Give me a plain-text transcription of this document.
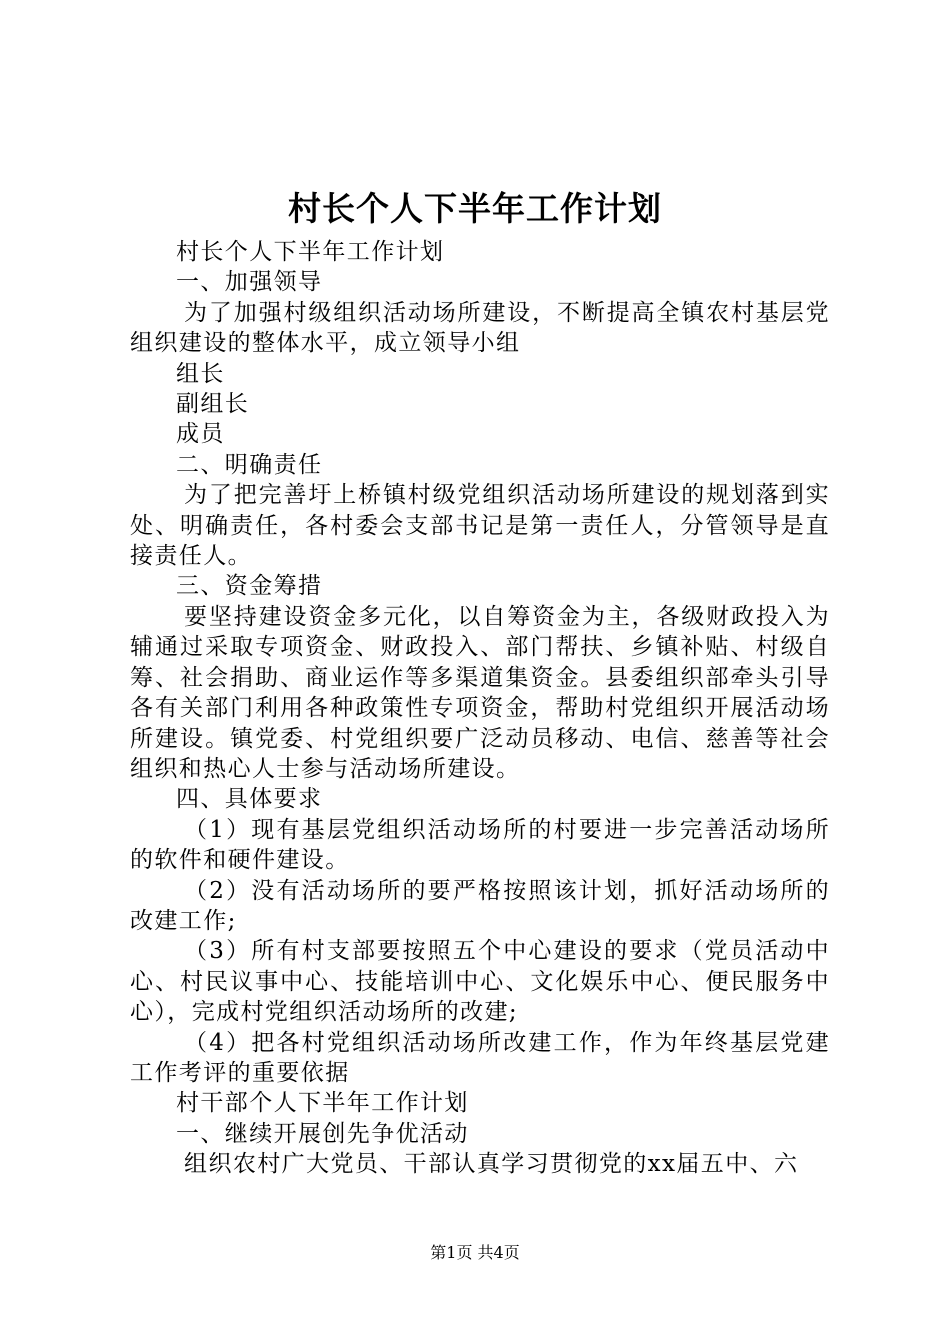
村长个人下半年工作计划

村长个人下半年工作计划

一、加强领导

为了加强村级组织活动场所建设，不断提高全镇农村基层党组织建设的整体水平，成立领导小组

组长

副组长

成员

二、明确责任

为了把完善圩上桥镇村级党组织活动场所建设的规划落到实处、明确责任，各村委会支部书记是第一责任人，分管领导是直接责任人。

三、资金筹措

要坚持建设资金多元化，以自筹资金为主，各级财政投入为辅通过采取专项资金、财政投入、部门帮扶、乡镇补贴、村级自筹、社会捐助、商业运作等多渠道集资金。县委组织部牵头引导各有关部门利用各种政策性专项资金，帮助村党组织开展活动场所建设。镇党委、村党组织要广泛动员移动、电信、慈善等社会组织和热心人士参与活动场所建设。

四、具体要求

（1）现有基层党组织活动场所的村要进一步完善活动场所的软件和硬件建设。

（2）没有活动场所的要严格按照该计划，抓好活动场所的改建工作;

（3）所有村支部要按照五个中心建设的要求（党员活动中心、村民议事中心、技能培训中心、文化娱乐中心、便民服务中心），完成村党组织活动场所的改建;

（4）把各村党组织活动场所改建工作，作为年终基层党建工作考评的重要依据

村干部个人下半年工作计划

一、继续开展创先争优活动

组织农村广大党员、干部认真学习贯彻党的xx届五中、六

第1页 共4页
